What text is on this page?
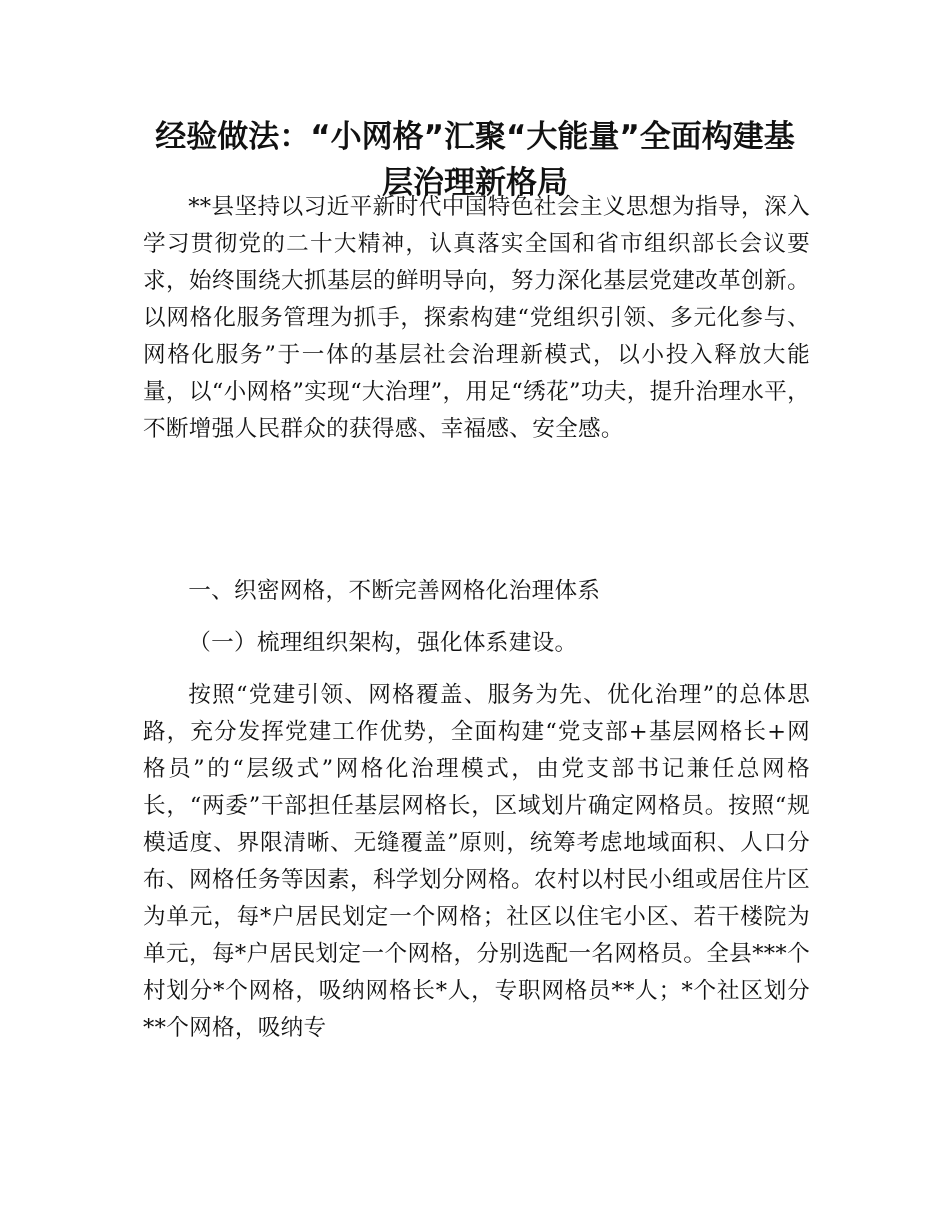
经验做法：“小网格”汇聚“大能量”全面构建基层治理新格局

**县坚持以习近平新时代中国特色社会主义思想为指导，深入学习贯彻党的二十大精神，认真落实全国和省市组织部长会议要求，始终围绕大抓基层的鲜明导向，努力深化基层党建改革创新。以网格化服务管理为抓手，探索构建“党组织引领、多元化参与、网格化服务”于一体的基层社会治理新模式，以小投入释放大能量，以“小网格”实现“大治理”，用足“绣花”功夫，提升治理水平，不断增强人民群众的获得感、幸福感、安全感。

一、织密网格，不断完善网格化治理体系

（一）梳理组织架构，强化体系建设。

按照“党建引领、网格覆盖、服务为先、优化治理”的总体思路，充分发挥党建工作优势，全面构建“党支部+基层网格长+网格员”的“层级式”网格化治理模式，由党支部书记兼任总网格长，“两委”干部担任基层网格长，区域划片确定网格员。按照“规模适度、界限清晰、无缝覆盖”原则，统筹考虑地域面积、人口分布、网格任务等因素，科学划分网格。农村以村民小组或居住片区为单元，每*户居民划定一个网格；社区以住宅小区、若干楼院为单元，每*户居民划定一个网格，分别选配一名网格员。全县***个村划分*个网格，吸纳网格长*人，专职网格员**人；*个社区划分**个网格，吸纳专
